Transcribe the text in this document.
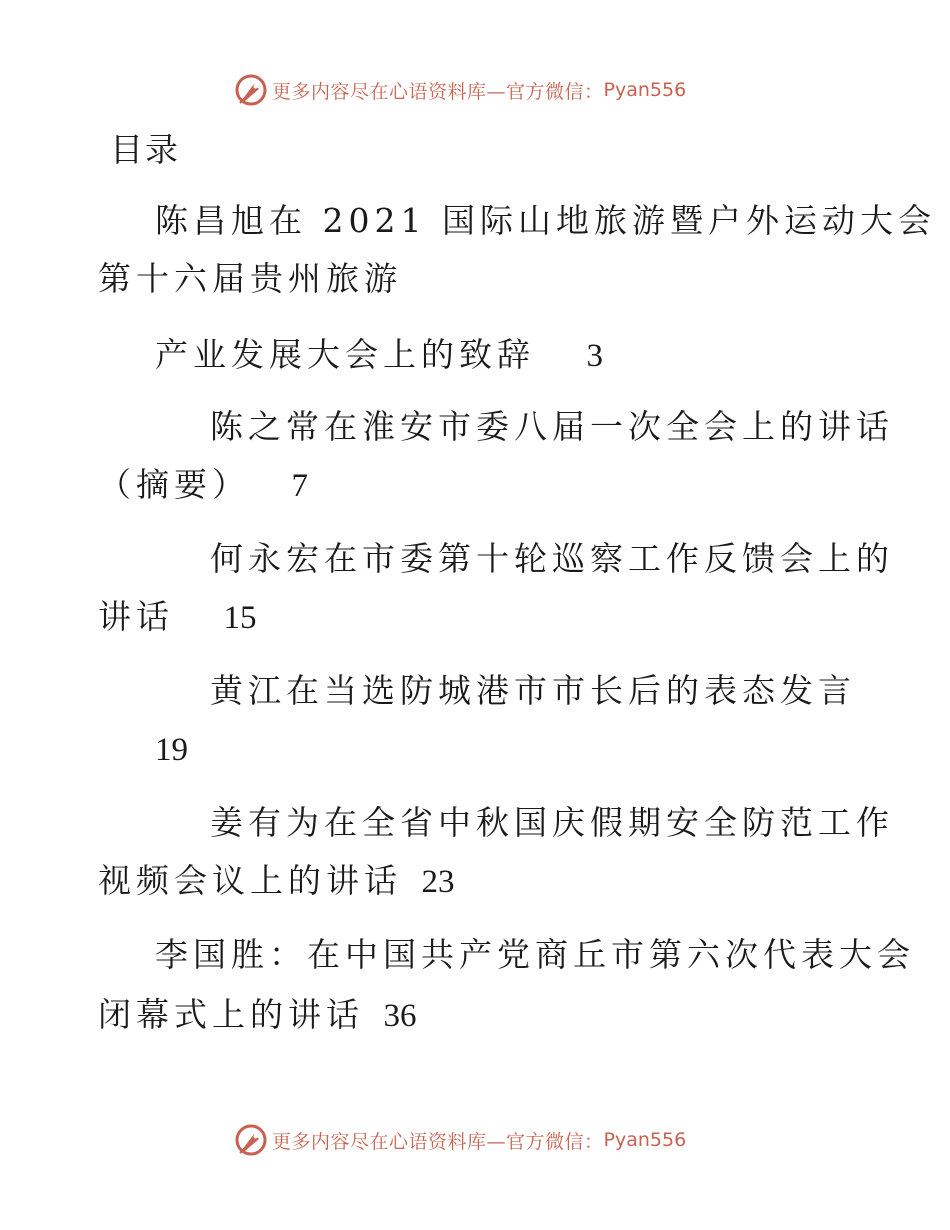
更多内容尽在心语资料库—官方微信： Pyan556
目录
陈昌旭在 2021 国际山地旅游暨户外运动大会
产业发展大会上的致辞 3
陈之常在淮安市委八届一次全会上的讲话
（摘要） 7
何永宏在市委第十轮巡察工作反馈会上的
讲话 15
黄江在当选防城港市市长后的表态发言
19
姜有为在全省中秋国庆假期安全防范工作
视频会议上的讲话 23
李国胜：在中国共产党商丘市第六次代表大会
闭幕式上的讲话 36
更多内容尽在心语资料库—官方微信： Pyan556
第十六届贵州旅游
